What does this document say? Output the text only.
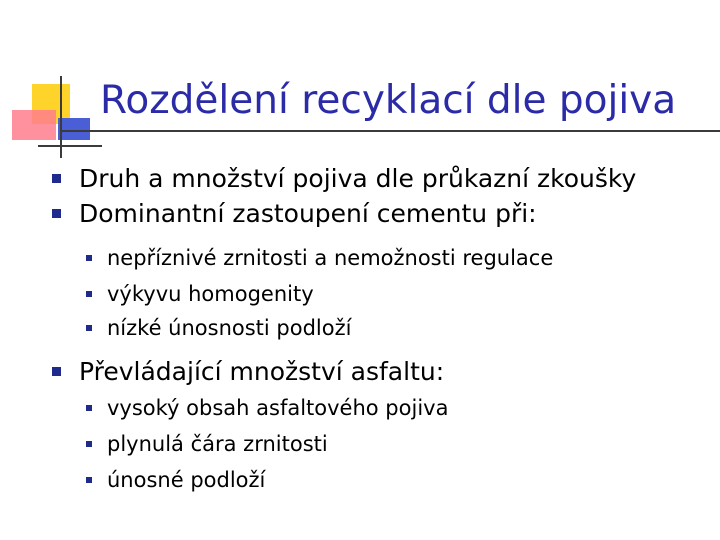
Rozdělení recyklací dle pojiva
Druh a množství pojiva dle průkazní zkoušky
Dominantní zastoupení cementu při:
nepříznivé zrnitosti a nemožnosti regulace
výkyvu homogenity
nízké únosnosti podloží
Převládající množství asfaltu:
vysoký obsah asfaltového pojiva
plynulá čára zrnitosti
únosné podloží
